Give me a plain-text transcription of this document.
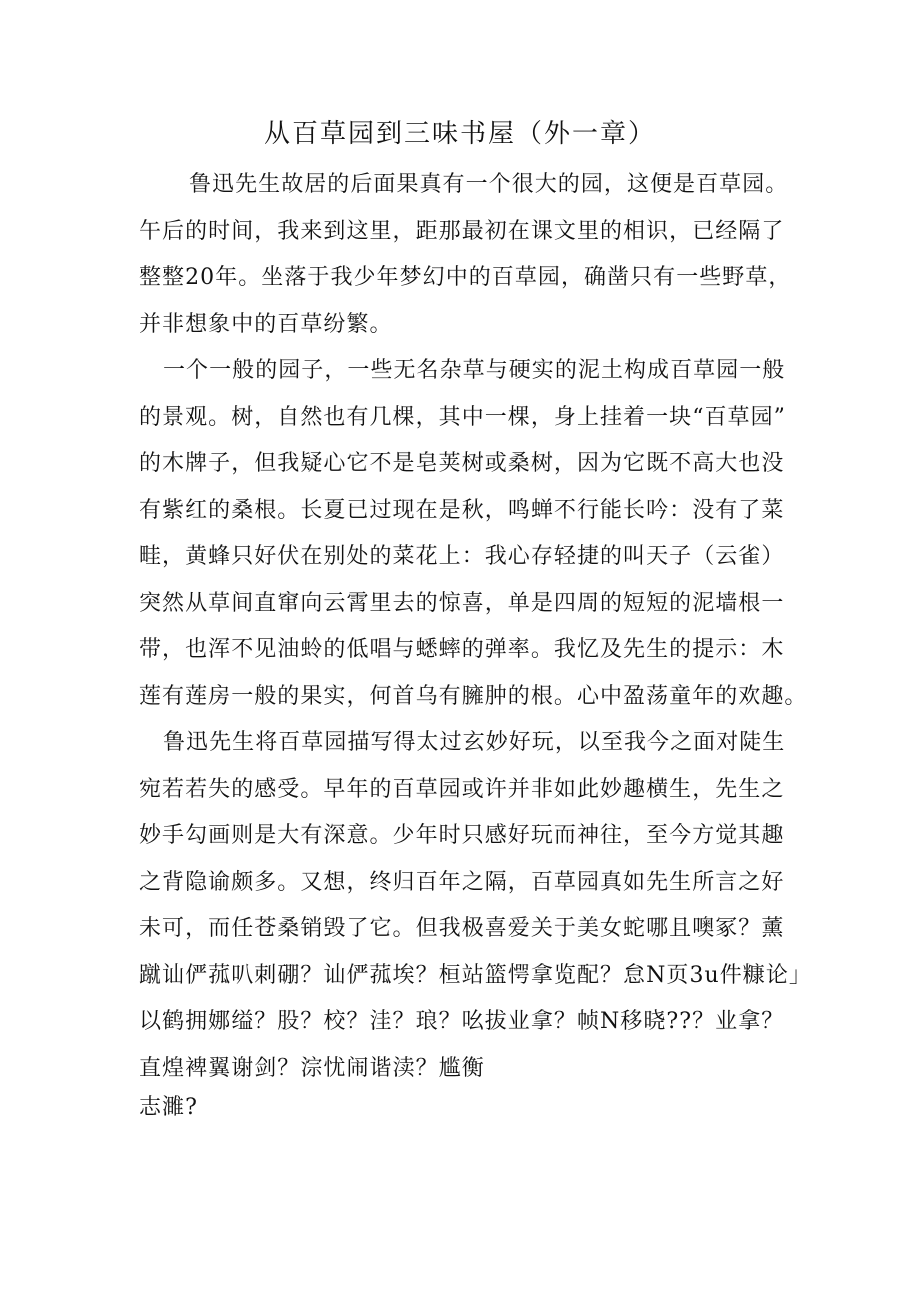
从百草园到三味书屋（外一章）
鲁迅先生故居的后面果真有一个很大的园，这便是百草园。
午后的时间，我来到这里，距那最初在课文里的相识，已经隔了
整整20年。坐落于我少年梦幻中的百草园，确凿只有一些野草，
并非想象中的百草纷繁。
一个一般的园子，一些无名杂草与硬实的泥土构成百草园一般
的景观。树，自然也有几棵，其中一棵，身上挂着一块“百草园”
的木牌子，但我疑心它不是皂荚树或桑树，因为它既不高大也没
有紫红的桑根。长夏已过现在是秋，鸣蝉不行能长吟：没有了菜
畦，黄蜂只好伏在别处的菜花上：我心存轻捷的叫天子（云雀）
突然从草间直窜向云霄里去的惊喜，单是四周的短短的泥墙根一
带，也浑不见油蛉的低唱与蟋蟀的弹率。我忆及先生的提示：木
莲有莲房一般的果实，何首乌有臃肿的根。心中盈荡童年的欢趣。
鲁迅先生将百草园描写得太过玄妙好玩，以至我今之面对陡生
宛若若失的感受。早年的百草园或许并非如此妙趣横生，先生之
妙手勾画则是大有深意。少年时只感好玩而神往，至今方觉其趣
之背隐谕颇多。又想，终归百年之隔，百草园真如先生所言之好
未可，而任苍桑销毁了它。但我极喜爱关于美女蛇哪且噢冢？薰
蹴讪俨菰叭刺硼？讪俨菰埃？桓站篮愕拿览配？怠N页3u件糠论」
以鹤拥娜缢？股？校？洼？琅？吆拔业拿？帧N移晓??？业拿？
直煌裨翼谢剑？淙忧闹谐渎？尴衡
志濉?
